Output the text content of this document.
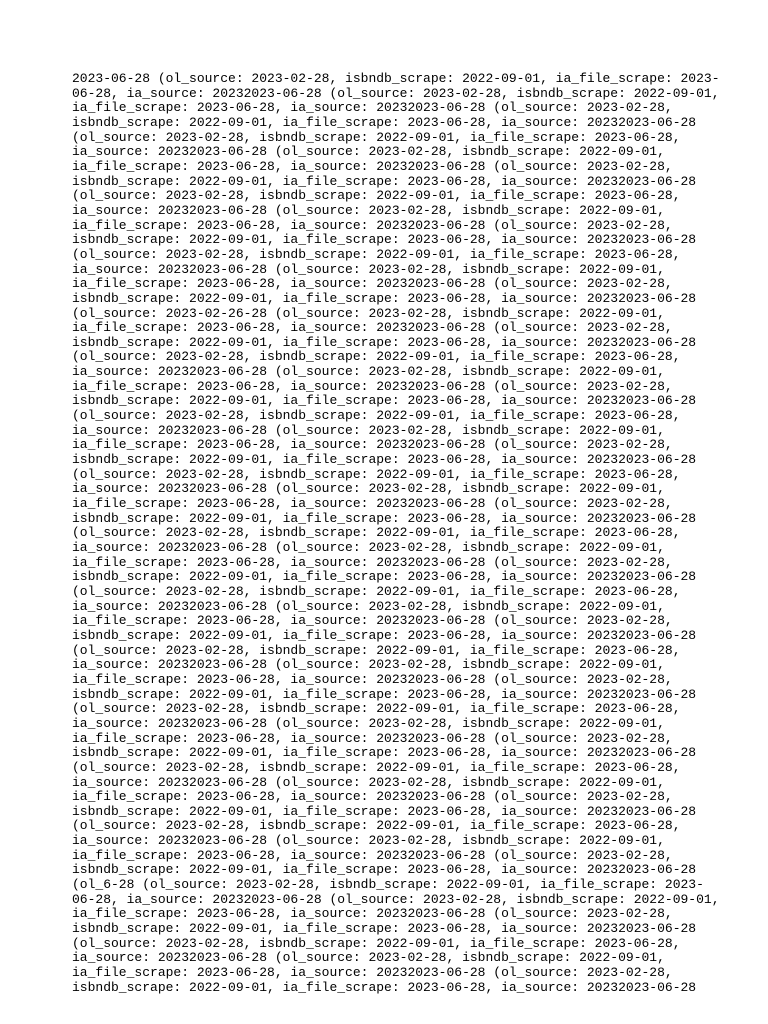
2023-06-28 (ol_source: 2023-02-28, isbndb_scrape: 2022-09-01, ia_file_scrape: 2023-
06-28, ia_source: 20232023-06-28 (ol_source: 2023-02-28, isbndb_scrape: 2022-09-01,
ia_file_scrape: 2023-06-28, ia_source: 20232023-06-28 (ol_source: 2023-02-28,
isbndb_scrape: 2022-09-01, ia_file_scrape: 2023-06-28, ia_source: 20232023-06-28
(ol_source: 2023-02-28, isbndb_scrape: 2022-09-01, ia_file_scrape: 2023-06-28,
ia_source: 20232023-06-28 (ol_source: 2023-02-28, isbndb_scrape: 2022-09-01,
ia_file_scrape: 2023-06-28, ia_source: 20232023-06-28 (ol_source: 2023-02-28,
isbndb_scrape: 2022-09-01, ia_file_scrape: 2023-06-28, ia_source: 20232023-06-28
(ol_source: 2023-02-28, isbndb_scrape: 2022-09-01, ia_file_scrape: 2023-06-28,
ia_source: 20232023-06-28 (ol_source: 2023-02-28, isbndb_scrape: 2022-09-01,
ia_file_scrape: 2023-06-28, ia_source: 20232023-06-28 (ol_source: 2023-02-28,
isbndb_scrape: 2022-09-01, ia_file_scrape: 2023-06-28, ia_source: 20232023-06-28
(ol_source: 2023-02-28, isbndb_scrape: 2022-09-01, ia_file_scrape: 2023-06-28,
ia_source: 20232023-06-28 (ol_source: 2023-02-28, isbndb_scrape: 2022-09-01,
ia_file_scrape: 2023-06-28, ia_source: 20232023-06-28 (ol_source: 2023-02-28,
isbndb_scrape: 2022-09-01, ia_file_scrape: 2023-06-28, ia_source: 20232023-06-28
(ol_source: 2023-02-26-28 (ol_source: 2023-02-28, isbndb_scrape: 2022-09-01,
ia_file_scrape: 2023-06-28, ia_source: 20232023-06-28 (ol_source: 2023-02-28,
isbndb_scrape: 2022-09-01, ia_file_scrape: 2023-06-28, ia_source: 20232023-06-28
(ol_source: 2023-02-28, isbndb_scrape: 2022-09-01, ia_file_scrape: 2023-06-28,
ia_source: 20232023-06-28 (ol_source: 2023-02-28, isbndb_scrape: 2022-09-01,
ia_file_scrape: 2023-06-28, ia_source: 20232023-06-28 (ol_source: 2023-02-28,
isbndb_scrape: 2022-09-01, ia_file_scrape: 2023-06-28, ia_source: 20232023-06-28
(ol_source: 2023-02-28, isbndb_scrape: 2022-09-01, ia_file_scrape: 2023-06-28,
ia_source: 20232023-06-28 (ol_source: 2023-02-28, isbndb_scrape: 2022-09-01,
ia_file_scrape: 2023-06-28, ia_source: 20232023-06-28 (ol_source: 2023-02-28,
isbndb_scrape: 2022-09-01, ia_file_scrape: 2023-06-28, ia_source: 20232023-06-28
(ol_source: 2023-02-28, isbndb_scrape: 2022-09-01, ia_file_scrape: 2023-06-28,
ia_source: 20232023-06-28 (ol_source: 2023-02-28, isbndb_scrape: 2022-09-01,
ia_file_scrape: 2023-06-28, ia_source: 20232023-06-28 (ol_source: 2023-02-28,
isbndb_scrape: 2022-09-01, ia_file_scrape: 2023-06-28, ia_source: 20232023-06-28
(ol_source: 2023-02-28, isbndb_scrape: 2022-09-01, ia_file_scrape: 2023-06-28,
ia_source: 20232023-06-28 (ol_source: 2023-02-28, isbndb_scrape: 2022-09-01,
ia_file_scrape: 2023-06-28, ia_source: 20232023-06-28 (ol_source: 2023-02-28,
isbndb_scrape: 2022-09-01, ia_file_scrape: 2023-06-28, ia_source: 20232023-06-28
(ol_source: 2023-02-28, isbndb_scrape: 2022-09-01, ia_file_scrape: 2023-06-28,
ia_source: 20232023-06-28 (ol_source: 2023-02-28, isbndb_scrape: 2022-09-01,
ia_file_scrape: 2023-06-28, ia_source: 20232023-06-28 (ol_source: 2023-02-28,
isbndb_scrape: 2022-09-01, ia_file_scrape: 2023-06-28, ia_source: 20232023-06-28
(ol_source: 2023-02-28, isbndb_scrape: 2022-09-01, ia_file_scrape: 2023-06-28,
ia_source: 20232023-06-28 (ol_source: 2023-02-28, isbndb_scrape: 2022-09-01,
ia_file_scrape: 2023-06-28, ia_source: 20232023-06-28 (ol_source: 2023-02-28,
isbndb_scrape: 2022-09-01, ia_file_scrape: 2023-06-28, ia_source: 20232023-06-28
(ol_source: 2023-02-28, isbndb_scrape: 2022-09-01, ia_file_scrape: 2023-06-28,
ia_source: 20232023-06-28 (ol_source: 2023-02-28, isbndb_scrape: 2022-09-01,
ia_file_scrape: 2023-06-28, ia_source: 20232023-06-28 (ol_source: 2023-02-28,
isbndb_scrape: 2022-09-01, ia_file_scrape: 2023-06-28, ia_source: 20232023-06-28
(ol_source: 2023-02-28, isbndb_scrape: 2022-09-01, ia_file_scrape: 2023-06-28,
ia_source: 20232023-06-28 (ol_source: 2023-02-28, isbndb_scrape: 2022-09-01,
ia_file_scrape: 2023-06-28, ia_source: 20232023-06-28 (ol_source: 2023-02-28,
isbndb_scrape: 2022-09-01, ia_file_scrape: 2023-06-28, ia_source: 20232023-06-28
(ol_source: 2023-02-28, isbndb_scrape: 2022-09-01, ia_file_scrape: 2023-06-28,
ia_source: 20232023-06-28 (ol_source: 2023-02-28, isbndb_scrape: 2022-09-01,
ia_file_scrape: 2023-06-28, ia_source: 20232023-06-28 (ol_source: 2023-02-28,
isbndb_scrape: 2022-09-01, ia_file_scrape: 2023-06-28, ia_source: 20232023-06-28
(ol_6-28 (ol_source: 2023-02-28, isbndb_scrape: 2022-09-01, ia_file_scrape: 2023-
06-28, ia_source: 20232023-06-28 (ol_source: 2023-02-28, isbndb_scrape: 2022-09-01,
ia_file_scrape: 2023-06-28, ia_source: 20232023-06-28 (ol_source: 2023-02-28,
isbndb_scrape: 2022-09-01, ia_file_scrape: 2023-06-28, ia_source: 20232023-06-28
(ol_source: 2023-02-28, isbndb_scrape: 2022-09-01, ia_file_scrape: 2023-06-28,
ia_source: 20232023-06-28 (ol_source: 2023-02-28, isbndb_scrape: 2022-09-01,
ia_file_scrape: 2023-06-28, ia_source: 20232023-06-28 (ol_source: 2023-02-28,
isbndb_scrape: 2022-09-01, ia_file_scrape: 2023-06-28, ia_source: 20232023-06-28
